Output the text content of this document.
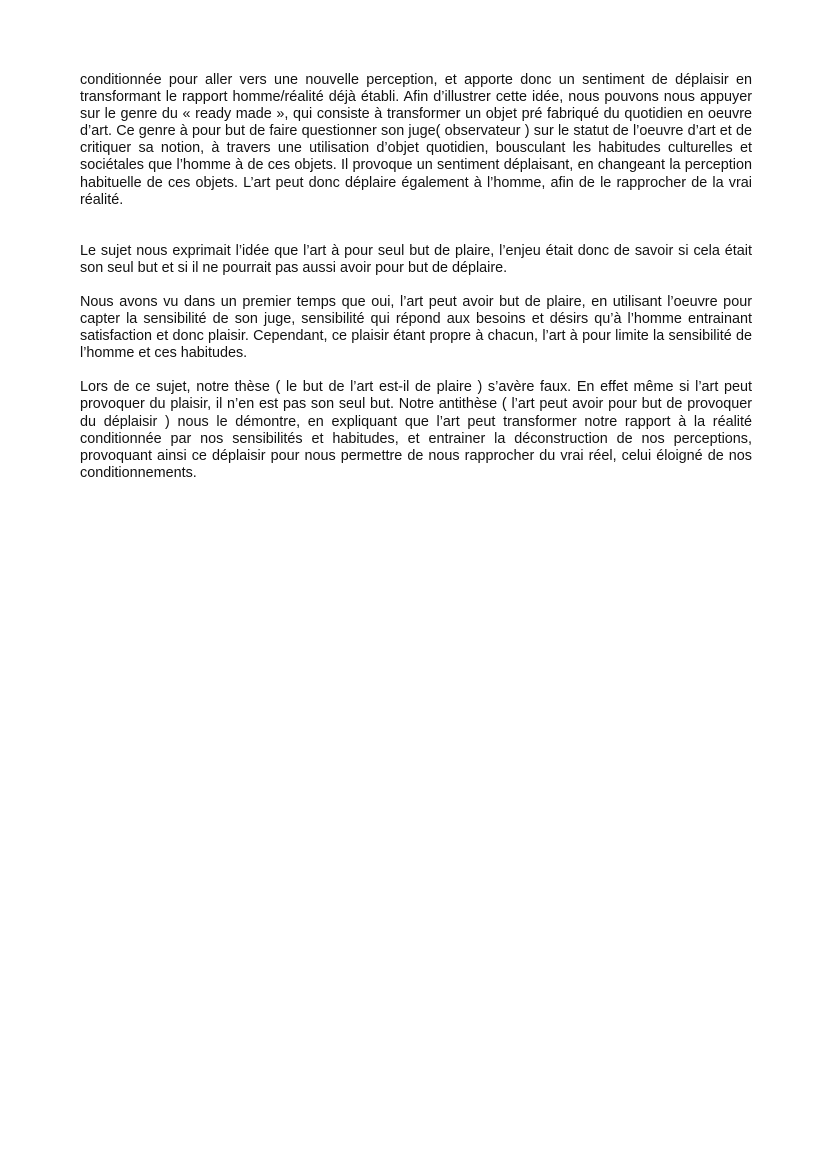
conditionnée pour aller vers une nouvelle perception, et apporte donc un sentiment de déplaisir en transformant le rapport homme/réalité déjà établi. Afin d’illustrer cette idée, nous pouvons nous appuyer sur le genre du « ready made », qui consiste à transformer un objet pré fabriqué du quotidien en oeuvre d’art. Ce genre à pour but de faire questionner son juge( observateur ) sur le statut de l’oeuvre d’art et de critiquer sa notion, à travers une utilisation d’objet quotidien, bousculant les habitudes culturelles et sociétales que l’homme à de ces objets. Il provoque un sentiment déplaisant, en changeant la perception habituelle de ces objets. L’art peut donc déplaire également à l’homme, afin de le rapprocher de la vrai réalité.

Le sujet nous exprimait l’idée que l’art à pour seul but de plaire, l’enjeu était donc de savoir si cela était son seul but et si il ne pourrait pas aussi avoir pour but de déplaire.

Nous avons vu dans un premier temps que oui, l’art peut avoir but de plaire, en utilisant l’oeuvre pour capter la sensibilité de son juge, sensibilité qui répond aux besoins et désirs qu’à l’homme entrainant satisfaction et donc plaisir. Cependant, ce plaisir étant propre à chacun, l’art à pour limite la sensibilité de l’homme et ces habitudes.

Lors de ce sujet, notre thèse ( le but de l’art est-il de plaire ) s’avère faux. En effet même si l’art peut provoquer du plaisir, il n’en est pas son seul but. Notre antithèse ( l’art peut avoir pour but de provoquer du déplaisir ) nous le démontre, en expliquant que l’art peut transformer notre rapport à la réalité conditionnée par nos sensibilités et habitudes, et entrainer la déconstruction de nos perceptions, provoquant ainsi ce déplaisir pour nous permettre de nous rapprocher du vrai réel, celui éloigné de nos conditionnements.
